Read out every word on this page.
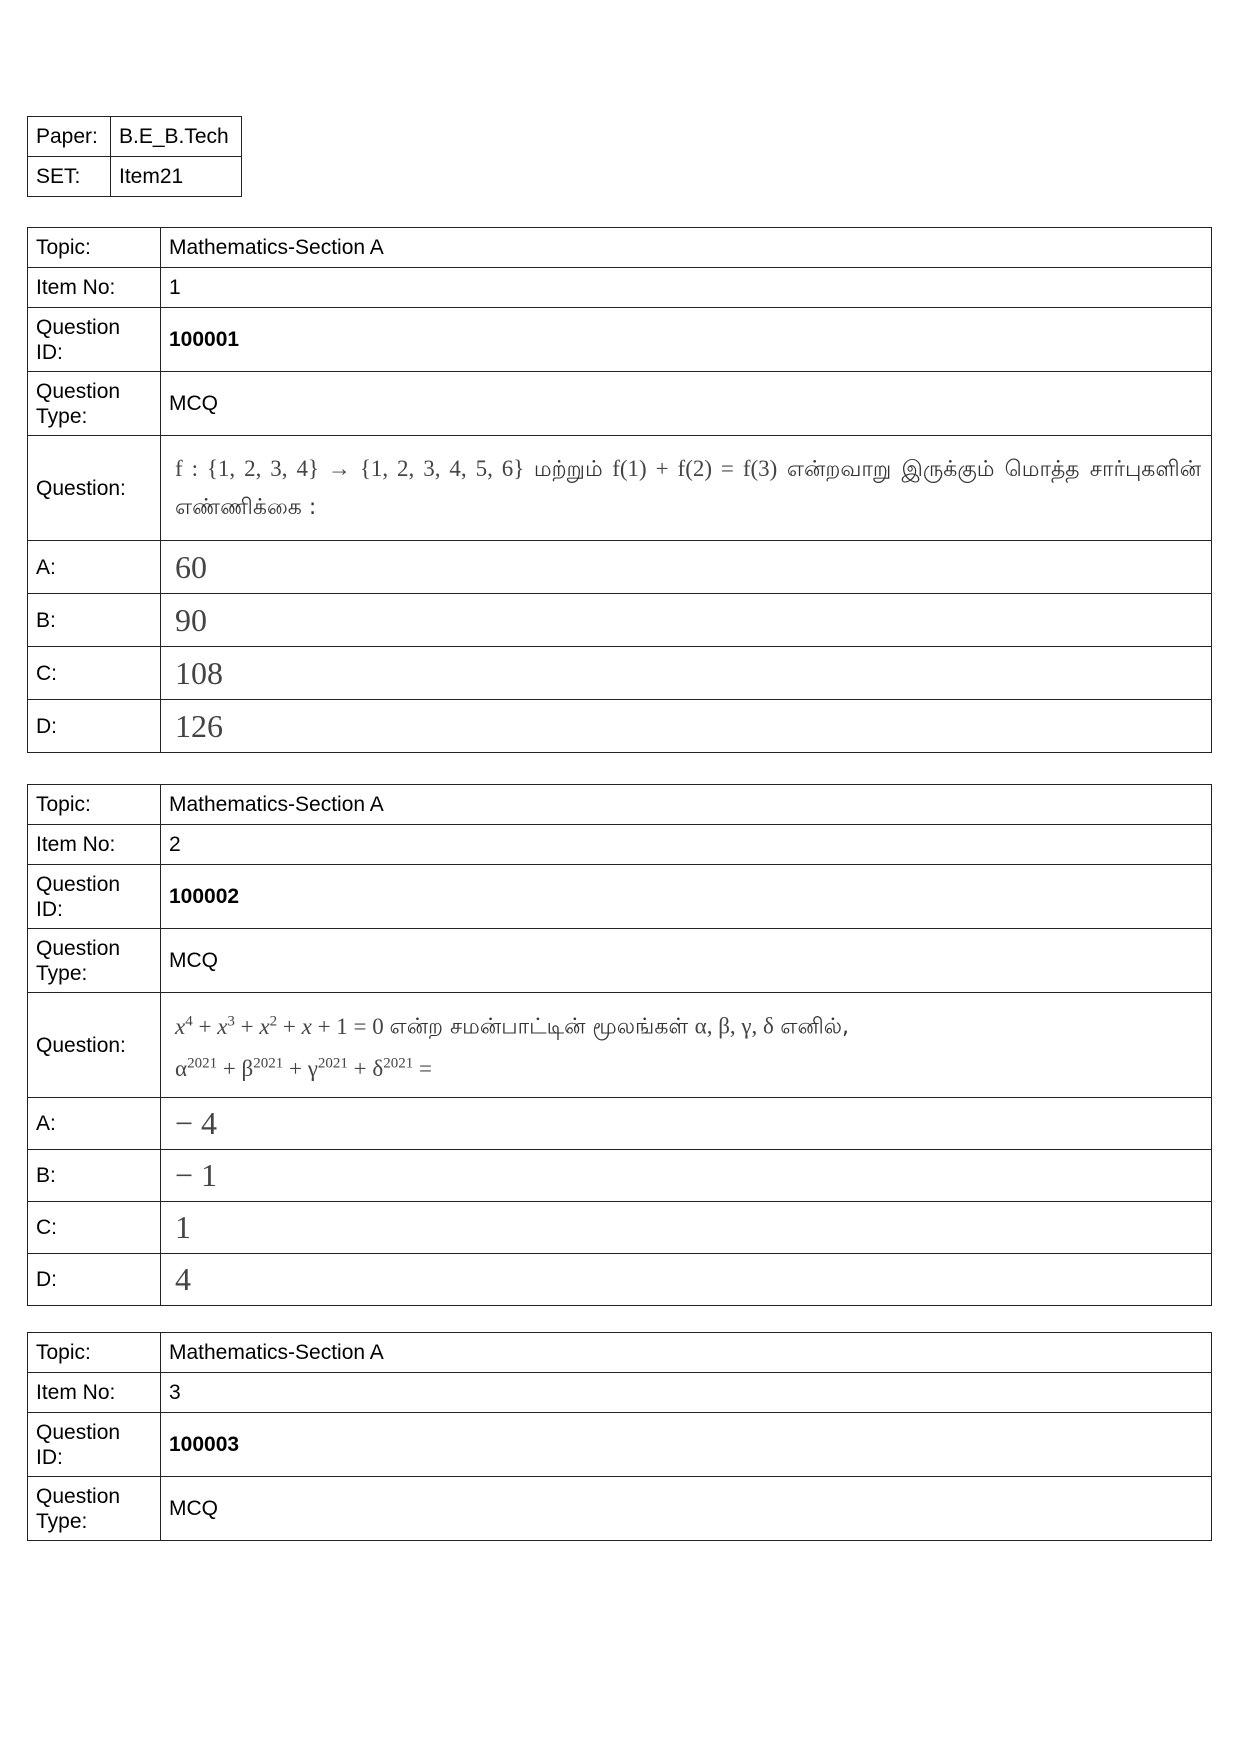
Paper:	B.E_B.Tech
SET:	Item21
Topic:	Mathematics-Section A
Item No:	1
Question ID:	100001
Question Type:	MCQ
Question:	f : {1, 2, 3, 4} → {1, 2, 3, 4, 5, 6} மற்றும் f(1) + f(2) = f(3) என்றவாறு இருக்கும் மொத்த சார்புகளின் எண்ணிக்கை :
A:	60
B:	90
C:	108
D:	126
Topic:	Mathematics-Section A
Item No:	2
Question ID:	100002
Question Type:	MCQ
Question:	$x^4 + x^3 + x^2 + x + 1 = 0$ என்ற சமன்பாட்டின் மூலங்கள் α, β, γ, δ எனில்,
$\alpha^{2021} + \beta^{2021} + \gamma^{2021} + \delta^{2021}$ =
A:	− 4
B:	− 1
C:	1
D:	4
Topic:	Mathematics-Section A
Item No:	3
Question ID:	100003
Question Type:	MCQ
